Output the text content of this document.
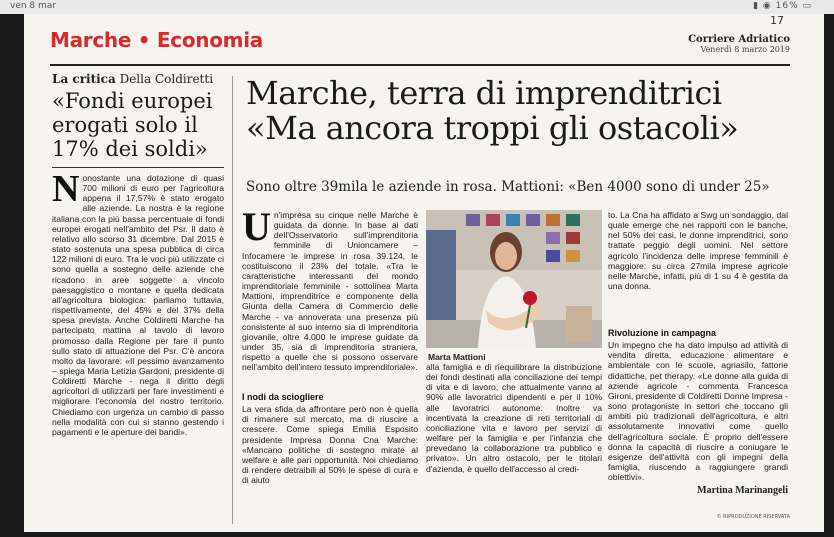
ven 8 mar	▮ ◉ 16% ▭
Marche • Economia	Corriere Adriatico
Venerdì 8 marzo 2019
17
La critica Della Coldiretti
«Fondi europei erogati solo il 17% dei soldi»
Nonostante una dotazione di quasi 700 milioni di euro per l'agricoltura appena il 17,57% è stato erogato alle aziende. La nostra è la regione italiana con la più bassa percentuale di fondi europei erogati nell'ambito del Psr. Il dato è relativo allo scorso 31 dicembre. Dal 2015 è stato sostenuta una spesa pubblica di circa 122 milioni di euro. Tra le voci più utilizzate ci sono quella a sostegno delle aziende che ricadono in aree soggette a vincolo paesaggistico o montane e quella dedicata all'agricoltura biologica: parliamo tuttavia, rispettivamente, del 45% e del 37% della spesa prevista. Anche Coldiretti Marche ha partecipato mattina al tavolo di lavoro promosso dalla Regione per fare il punto sullo stato di attuazione del Psr. C'è ancora molto da lavorare: «Il pessimo avanzamento – spiega Maria Letizia Gardoni, presidente di Coldiretti Marche - nega il diritto degli agricoltori di utilizzarli per fare investimenti e migliorare l'economia del nostro territorio. Chiediamo con urgenza un cambio di passo nella modalità con cui si stanno gestendo i pagamenti e le aperture dei bandi».
Marche, terra di imprenditrici
«Ma ancora troppi gli ostacoli»
Sono oltre 39mila le aziende in rosa. Mattioni: «Ben 4000 sono di under 25»
Un'impresa su cinque nelle Marche è guidata da donne. In base ai dati dell'Osservatorio sull'imprenditoria femminile di Unioncamere – Infocamere le imprese in rosa 39.124, le costituiscono il 23% del totale. «Tra le caratteristiche interessanti del mondo imprenditoriale femminile - sottolinea Marta Mattioni, imprenditrice e componente della Giunta della Camera di Commercio delle Marche - va annoverata una presenza più consistente al suo interno sia di imprenditoria giovanile, oltre 4.000 le imprese guidate da under 35, sia di imprenditoria straniera, rispetto a quelle che si possono osservare nell'ambito dell'intero tessuto imprenditoriale».
I nodi da sciogliere
La vera sfida da affrontare però non è quella di rimanere sul mercato, ma di riuscire a crescere. Come spiega Emilia Esposito presidente Impresa Donna Cna Marche: «Mancano politiche di sostegno mirate al welfare e alle pari opportunità. Noi chiediamo di rendere detraibili al 50% le spese di cura e di aiuto
Marta Mattioni
alla famiglia e di riequilibrare la distribuzione dei fondi destinati alla conciliazione dei tempi di vita e di lavoro, che attualmente vanno al 90% alle lavoratrici dipendenti e per il 10% alle lavoratrici autonome. Inoltre va incentivata la creazione di reti territoriali di conciliazione vita e lavoro per servizi di welfare per la famiglia e per l'infanzia che prevedano la collaborazione tra pubblico e privato». Un altro ostacolo, per le titolari d'azienda, è quello dell'accesso al credi-
to. La Cna ha affidato a Swg un sondaggio, dal quale emerge che nei rapporti con le banche, nel 50% dei casi, le donne imprenditrici, sono trattate peggio degli uomini. Nel settore agricolo l'incidenza delle imprese femminili è maggiore: su circa 27mila imprese agricole nelle Marche, infatti, più di 1 su 4 è gestita da una donna.
Rivoluzione in campagna
Un impegno che ha dato impulso ad attività di vendita diretta, educazione alimentare e ambientale con le scuole, agriasilo, fattorie didattiche, pet therapy. «Le donne alla guida di aziende agricole - commenta Francesca Gironi, presidente di Coldiretti Donne Impresa - sono protagoniste in settori che toccano gli ambiti più tradizionali dell'agricoltura, e altri assolutamente innovativi come quello dell'agricoltura sociale. È proprio dell'essere donna la capacità di riuscire a coniugare le esigenze dell'attività con gli impegni della famiglia, riuscendo a raggiungere grandi obiettivi».
Martina Marinangeli
© RIPRODUZIONE RISERVATA
